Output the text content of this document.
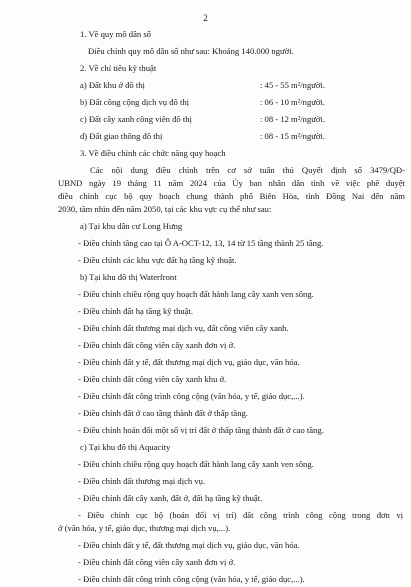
2
1. Về quy mô dân số
Điều chỉnh quy mô dân số như sau: Khoảng 140.000 người.
2. Về chỉ tiêu kỹ thuật
a) Đất khu ở đô thị	: 45 - 55 m²/người.
b) Đất công cộng dịch vụ đô thị	: 06 - 10 m²/người.
c) Đất cây xanh công viên đô thị	: 08 - 12 m²/người.
d) Đất giao thông đô thị	: 08 - 15 m²/người.
3. Về điều chỉnh các chức năng quy hoạch
Các nội dung điều chỉnh trên cơ sở tuân thủ Quyết định số 3479/QĐ-
UBND ngày 19 tháng 11 năm 2024 của Ủy ban nhân dân tỉnh về việc phê duyệt
điều chỉnh cục bộ quy hoạch chung thành phố Biên Hòa, tỉnh Đồng Nai đến năm
2030, tầm nhìn đến năm 2050, tại các khu vực cụ thể như sau:
a) Tại khu dân cư Long Hưng
- Điều chỉnh tầng cao tại Ô A-OCT-12, 13, 14 từ 15 tầng thành 25 tầng.
- Điều chỉnh các khu vực đất hạ tầng kỹ thuật.
b) Tại khu đô thị Waterfront
- Điều chỉnh chiều rộng quy hoạch đất hành lang cây xanh ven sông.
- Điều chỉnh đất hạ tầng kỹ thuật.
- Điều chỉnh đất thương mại dịch vụ, đất công viên cây xanh.
- Điều chỉnh đất công viên cây xanh đơn vị ở.
- Điều chỉnh đất y tế, đất thương mại dịch vụ, giáo dục, văn hóa.
- Điều chỉnh đất công viên cây xanh khu ở.
- Điều chỉnh đất công trình công cộng (văn hóa, y tế, giáo dục,...).
- Điều chỉnh đất ở cao tầng thành đất ở thấp tầng.
- Điều chỉnh hoán đổi một số vị trí đất ở thấp tầng thành đất ở cao tầng.
c) Tại khu đô thị Aquacity
- Điều chỉnh chiều rộng quy hoạch đất hành lang cây xanh ven sông.
- Điều chỉnh đất thương mại dịch vụ.
- Điều chỉnh đất cây xanh, đất ở, đất hạ tầng kỹ thuật.
- Điều chỉnh cục bộ (hoán đổi vị trí) đất công trình công cộng trong đơn vị
ở (văn hóa, y tế, giáo dục, thương mại dịch vụ,...).
- Điều chỉnh đất y tế, đất thương mại dịch vụ, giáo dục, văn hóa.
- Điều chỉnh đất công viên cây xanh đơn vị ở.
- Điều chỉnh đất công trình công cộng (văn hóa, y tế, giáo dục,...).
